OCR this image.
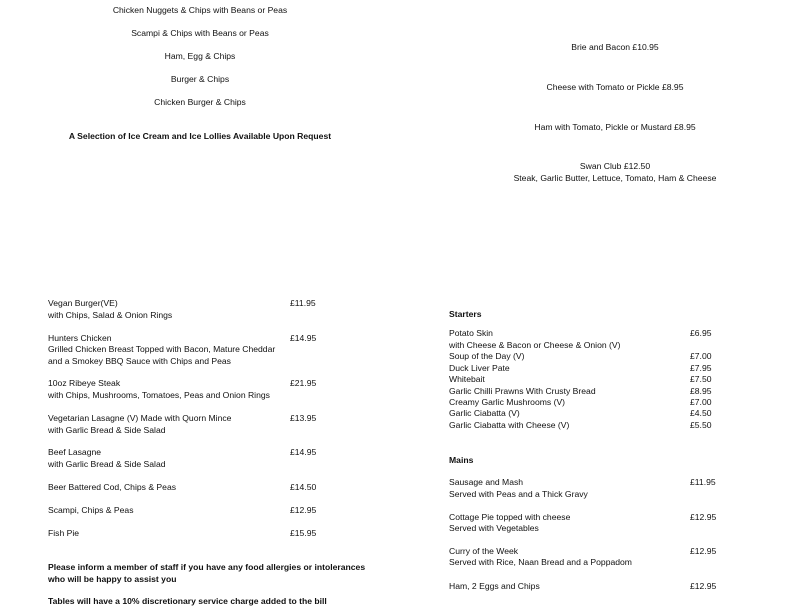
Chicken Nuggets & Chips with Beans or Peas
Scampi & Chips with Beans or Peas
Ham, Egg & Chips
Burger & Chips
Chicken Burger & Chips
A Selection of Ice Cream and Ice Lollies Available Upon Request
Brie and Bacon £10.95
Cheese with Tomato or Pickle £8.95
Ham with Tomato, Pickle or Mustard £8.95
Swan Club £12.50
Steak, Garlic Butter, Lettuce, Tomato, Ham & Cheese
Vegan Burger(VE)	£11.95
with Chips, Salad & Onion Rings
Hunters Chicken	£14.95
Grilled Chicken Breast Topped with Bacon, Mature Cheddar
and a Smokey BBQ Sauce with Chips and Peas
10oz Ribeye Steak	£21.95
with Chips, Mushrooms, Tomatoes, Peas and Onion Rings
Vegetarian Lasagne (V) Made with Quorn Mince	£13.95
with Garlic Bread & Side Salad
Beef Lasagne	£14.95
with Garlic Bread & Side Salad
Beer Battered Cod, Chips & Peas	£14.50
Scampi, Chips & Peas	£12.95
Fish Pie	£15.95
Please inform a member of staff if you have any food allergies or intolerances
who will be happy to assist you
Tables will have a 10% discretionary service charge added to the bill
Starters
Potato Skin	£6.95
with Cheese & Bacon or Cheese & Onion (V)
Soup of the Day (V)	£7.00
Duck Liver Pate	£7.95
Whitebait	£7.50
Garlic Chilli Prawns With Crusty Bread	£8.95
Creamy Garlic Mushrooms (V)	£7.00
Garlic Ciabatta (V)	£4.50
Garlic Ciabatta with Cheese (V)	£5.50
Mains
Sausage and Mash	£11.95
Served with Peas and a Thick Gravy
Cottage Pie topped with cheese	£12.95
Served with Vegetables
Curry of the Week	£12.95
Served with Rice, Naan Bread and a Poppadom
Ham, 2 Eggs and Chips	£12.95
